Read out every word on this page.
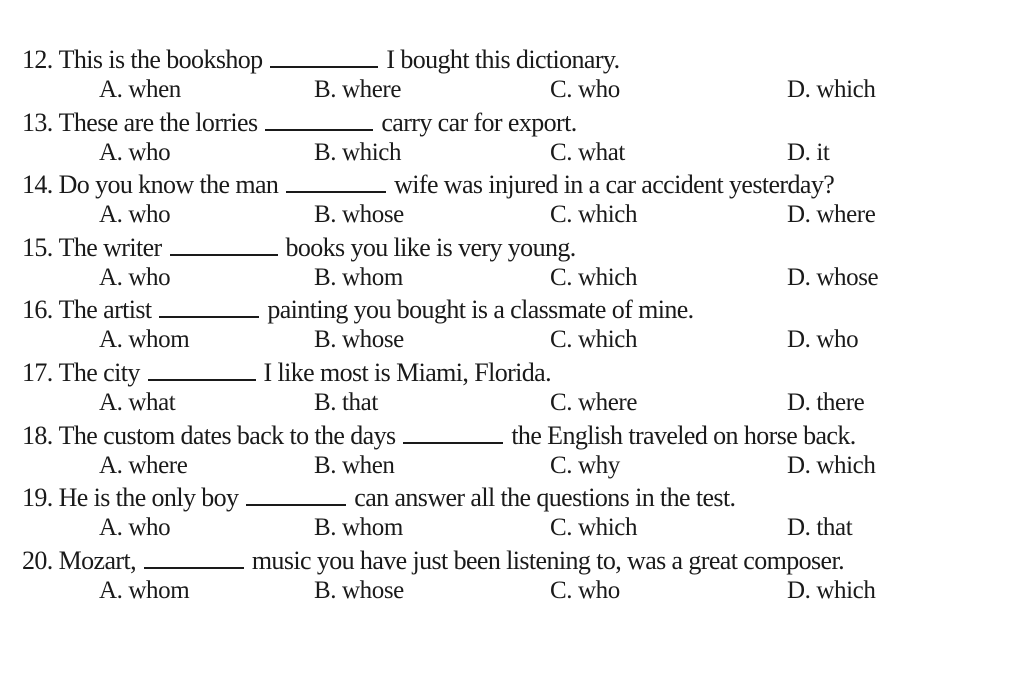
12. This is the bookshop	I bought this dictionary.
A. when	B. where	C. who	D. which
13. These are the lorries	carry car for export.
A. who	B. which	C. what	D. it
14. Do you know the man	wife was injured in a car accident yesterday?
A. who	B. whose	C. which	D. where
15. The writer	books you like is very young.
A. who	B. whom	C. which	D. whose
16. The artist	painting you bought is a classmate of mine.
A. whom	B. whose	C. which	D. who
17. The city	I like most is Miami, Florida.
A. what	B. that	C. where	D. there
18. The custom dates back to the days	the English traveled on horse back.
A. where	B. when	C. why	D. which
19. He is the only boy	can answer all the questions in the test.
A. who	B. whom	C. which	D. that
20. Mozart,	music you have just been listening to, was a great composer.
A. whom	B. whose	C. who	D. which
